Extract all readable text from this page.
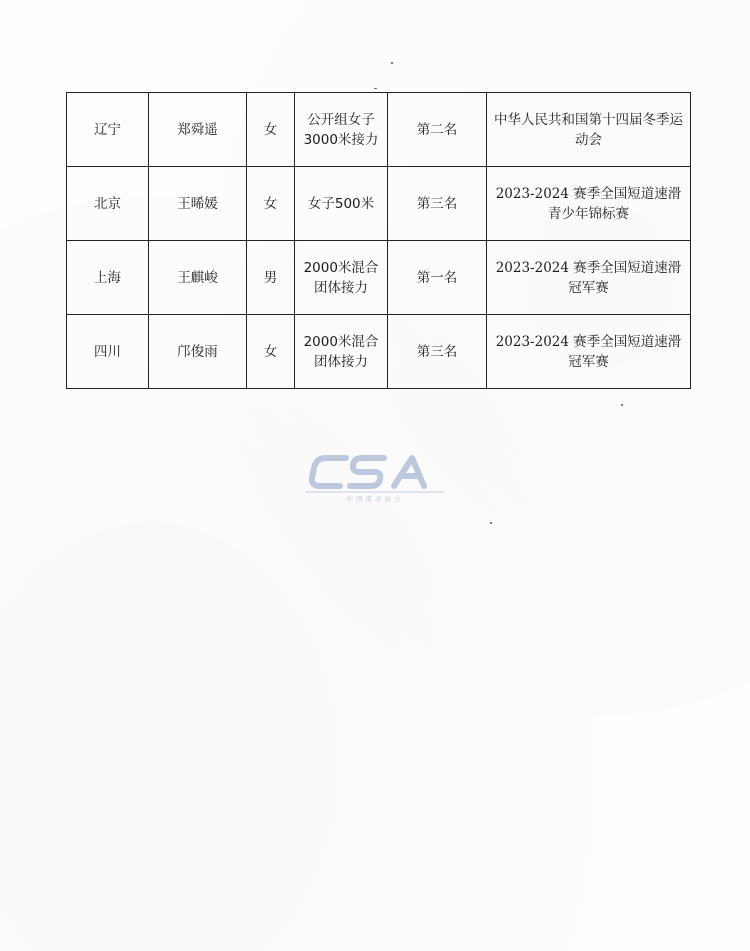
辽宁	郑舜遥	女	公开组女子3000米接力	第二名	中华人民共和国第十四届冬季运动会
北京	王晞媛	女	女子500米	第三名	2023-2024 赛季全国短道速滑青少年锦标赛
上海	王麒峻	男	2000米混合团体接力	第一名	2023-2024 赛季全国短道速滑冠军赛
四川	邝俊雨	女	2000米混合团体接力	第三名	2023-2024 赛季全国短道速滑冠军赛
中国滑冰协会
